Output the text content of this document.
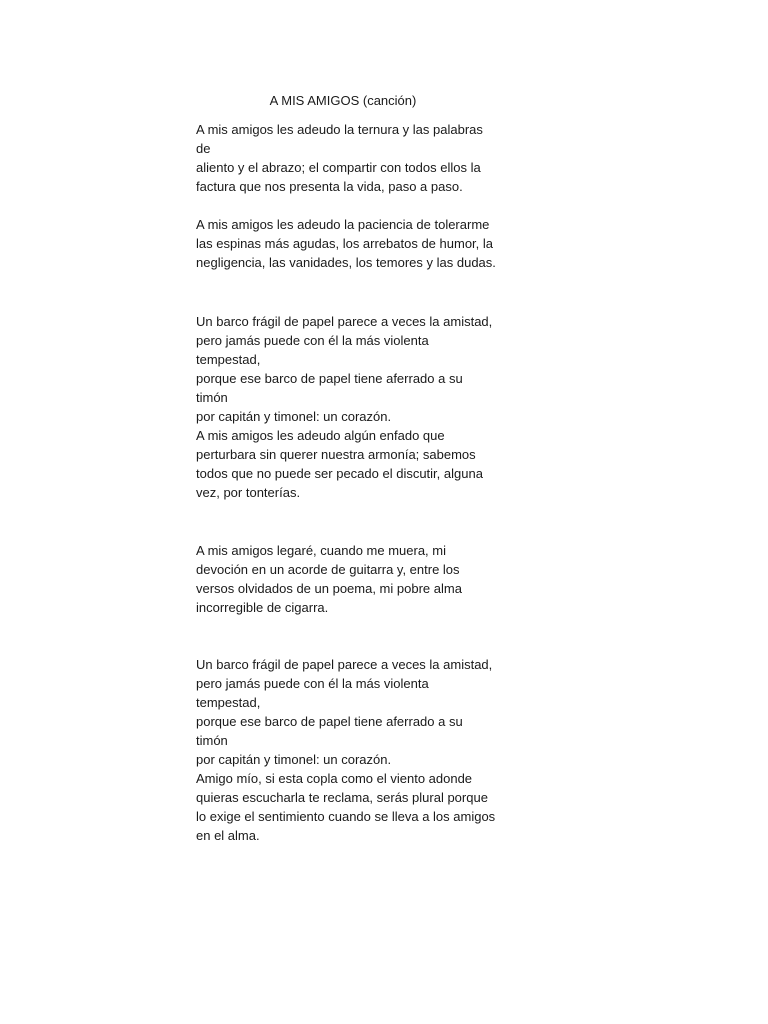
A MIS AMIGOS (canción)

A mis amigos les adeudo la ternura y las palabras de
aliento y el abrazo; el compartir con todos ellos la
factura que nos presenta la vida, paso a paso.

A mis amigos les adeudo la paciencia de tolerarme
las espinas más agudas, los arrebatos de humor, la
negligencia, las vanidades, los temores y las dudas.

Un barco frágil de papel parece a veces la amistad,
pero jamás puede con él la más violenta tempestad,
porque ese barco de papel tiene aferrado a su timón
por capitán y timonel: un corazón.

A mis amigos les adeudo algún enfado que
perturbara sin querer nuestra armonía; sabemos
todos que no puede ser pecado el discutir, alguna
vez, por tonterías.

A mis amigos legaré, cuando me muera, mi
devoción en un acorde de guitarra y, entre los
versos olvidados de un poema, mi pobre alma
incorregible de cigarra.

Un barco frágil de papel parece a veces la amistad,
pero jamás puede con él la más violenta tempestad,
porque ese barco de papel tiene aferrado a su timón
por capitán y timonel: un corazón.

Amigo mío, si esta copla como el viento adonde
quieras escucharla te reclama, serás plural porque
lo exige el sentimiento cuando se lleva a los amigos
en el alma.
